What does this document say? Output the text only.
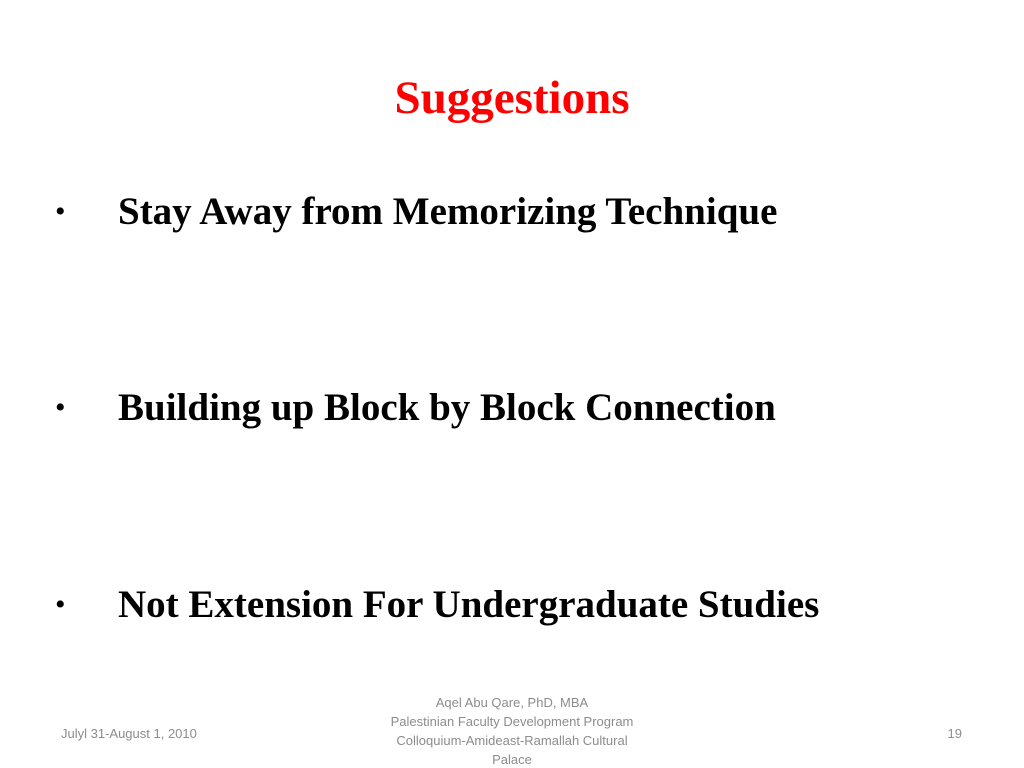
Suggestions
•	Stay Away from Memorizing Technique
•	Building up Block by Block Connection
•	Not Extension For Undergraduate Studies
Julyl 31-August 1, 2010
Aqel Abu Qare, PhD, MBA
Palestinian Faculty Development Program
Colloquium-Amideast-Ramallah Cultural
Palace
19
